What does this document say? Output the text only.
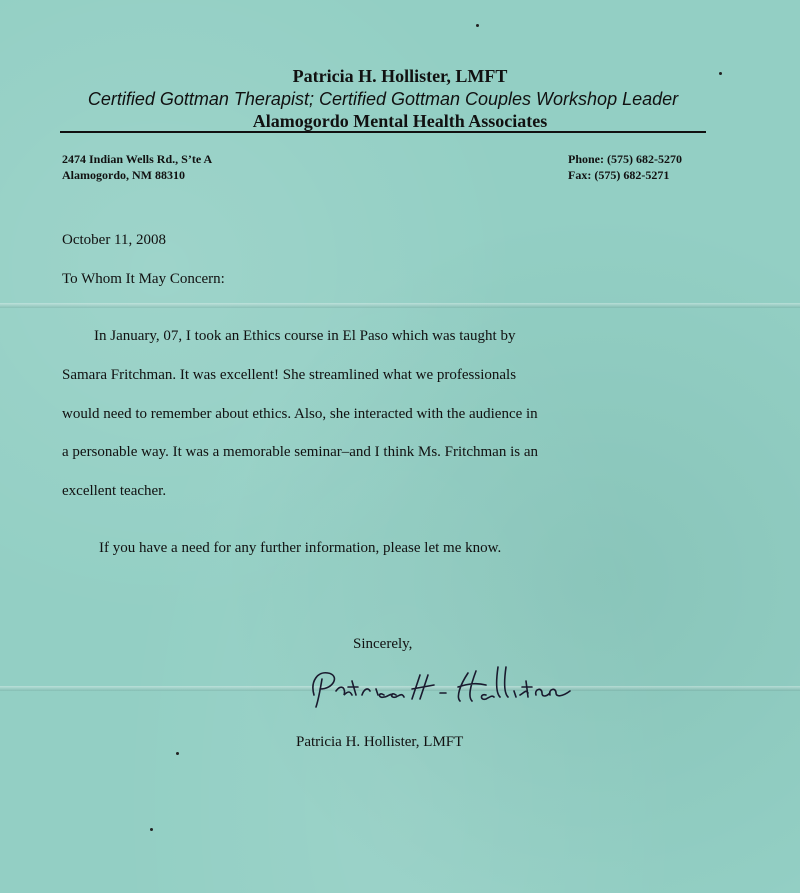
Patricia H. Hollister, LMFT
Certified Gottman Therapist; Certified Gottman Couples Workshop Leader
Alamogordo Mental Health Associates
2474 Indian Wells Rd., S’te A
Alamogordo, NM 88310
Phone: (575) 682-5270
Fax: (575) 682-5271
October 11, 2008
To Whom It May Concern:
In January, 07, I took an Ethics course in El Paso which was taught by
Samara Fritchman. It was excellent! She streamlined what we professionals
would need to remember about ethics. Also, she interacted with the audience in
a personable way. It was a memorable seminar–and I think Ms. Fritchman is an
excellent teacher.
If you have a need for any further information, please let me know.
Sincerely,
Patricia H. Hollister, LMFT
